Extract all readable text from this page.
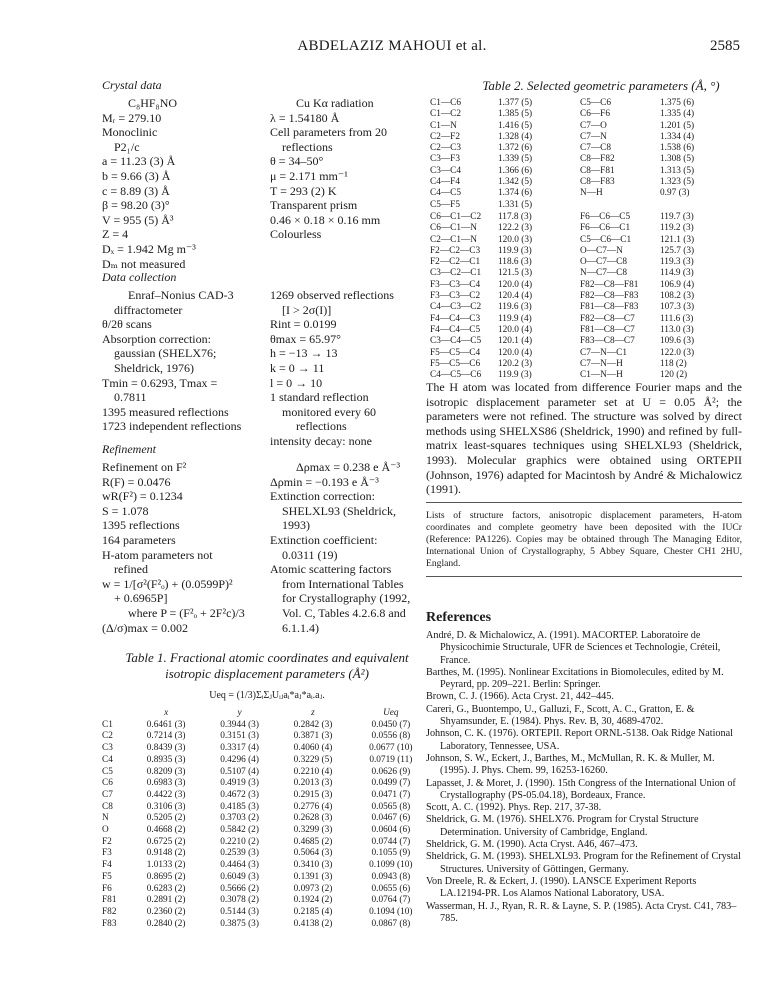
ABDELAZIZ MAHOUI et al.	2585
Crystal data
C₈HF₈NO
Mᵣ = 279.10
Monoclinic
P2₁/c
a = 11.23 (3) Å
b = 9.66 (3) Å
c = 8.89 (3) Å
β = 98.20 (3)°
V = 955 (5) Å³
Z = 4
Dₓ = 1.942 Mg m⁻³
Dₘ not measured
Cu Kα radiation
λ = 1.54180 Å
Cell parameters from 20
reflections
θ = 34–50°
μ = 2.171 mm⁻¹
T = 293 (2) K
Transparent prism
0.46 × 0.18 × 0.16 mm
Colourless
Data collection
Enraf–Nonius CAD-3
diffractometer
θ/2θ scans
Absorption correction:
gaussian (SHELX76;
Sheldrick, 1976)
Tmin = 0.6293, Tmax =
0.7811
1395 measured reflections
1723 independent reflections
1269 observed reflections
[I > 2σ(I)]
Rint = 0.0199
θmax = 65.97°
h = −13 → 13
k = 0 → 11
l = 0 → 10
1 standard reflection
monitored every 60
reflections
intensity decay: none
Refinement
Refinement on F²
R(F) = 0.0476
wR(F²) = 0.1234
S = 1.078
1395 reflections
164 parameters
H-atom parameters not
refined
w = 1/[σ²(F²ₒ) + (0.0599P)²
+ 0.6965P]
where P = (F²ₒ + 2F²c)/3
(Δ/σ)max = 0.002
Δρmax = 0.238 e Å⁻³
Δρmin = −0.193 e Å⁻³
Extinction correction:
SHELXL93 (Sheldrick,
1993)
Extinction coefficient:
0.0311 (19)
Atomic scattering factors
from International Tables
for Crystallography (1992,
Vol. C, Tables 4.2.6.8 and
6.1.1.4)
Table 1. Fractional atomic coordinates and equivalent
isotropic displacement parameters (Å²)
Ueq = (1/3)ΣᵢΣⱼUᵢⱼaᵢ*aⱼ*aᵢ.aⱼ.
	x	y	z	Ueq
C1	0.6461 (3)	0.3944 (3)	0.2842 (3)	0.0450 (7)
C2	0.7214 (3)	0.3151 (3)	0.3871 (3)	0.0556 (8)
C3	0.8439 (3)	0.3317 (4)	0.4060 (4)	0.0677 (10)
C4	0.8935 (3)	0.4296 (4)	0.3229 (5)	0.0719 (11)
C5	0.8209 (3)	0.5107 (4)	0.2210 (4)	0.0626 (9)
C6	0.6983 (3)	0.4919 (3)	0.2013 (3)	0.0499 (7)
C7	0.4422 (3)	0.4672 (3)	0.2915 (3)	0.0471 (7)
C8	0.3106 (3)	0.4185 (3)	0.2776 (4)	0.0565 (8)
N	0.5205 (2)	0.3703 (2)	0.2628 (3)	0.0467 (6)
O	0.4668 (2)	0.5842 (2)	0.3299 (3)	0.0604 (6)
F2	0.6725 (2)	0.2210 (2)	0.4685 (2)	0.0744 (7)
F3	0.9148 (2)	0.2539 (3)	0.5064 (3)	0.1055 (9)
F4	1.0133 (2)	0.4464 (3)	0.3410 (3)	0.1099 (10)
F5	0.8695 (2)	0.6049 (3)	0.1391 (3)	0.0943 (8)
F6	0.6283 (2)	0.5666 (2)	0.0973 (2)	0.0655 (6)
F81	0.2891 (2)	0.3078 (2)	0.1924 (2)	0.0764 (7)
F82	0.2360 (2)	0.5144 (3)	0.2185 (4)	0.1094 (10)
F83	0.2840 (2)	0.3875 (3)	0.4138 (2)	0.0867 (8)
Table 2. Selected geometric parameters (Å, °)
C1—C6	1.377 (5)	C5—C6	1.375 (6)
C1—C2	1.385 (5)	C6—F6	1.335 (4)
C1—N	1.416 (5)	C7—O	1.201 (5)
C2—F2	1.328 (4)	C7—N	1.334 (4)
C2—C3	1.372 (6)	C7—C8	1.538 (6)
C3—F3	1.339 (5)	C8—F82	1.308 (5)
C3—C4	1.366 (6)	C8—F81	1.313 (5)
C4—F4	1.342 (5)	C8—F83	1.323 (5)
C4—C5	1.374 (6)	N—H	0.97 (3)
C5—F5	1.331 (5)		
C6—C1—C2	117.8 (3)	F6—C6—C5	119.7 (3)
C6—C1—N	122.2 (3)	F6—C6—C1	119.2 (3)
C2—C1—N	120.0 (3)	C5—C6—C1	121.1 (3)
F2—C2—C3	119.9 (3)	O—C7—N	125.7 (3)
F2—C2—C1	118.6 (3)	O—C7—C8	119.3 (3)
C3—C2—C1	121.5 (3)	N—C7—C8	114.9 (3)
F3—C3—C4	120.0 (4)	F82—C8—F81	106.9 (4)
F3—C3—C2	120.4 (4)	F82—C8—F83	108.2 (3)
C4—C3—C2	119.6 (3)	F81—C8—F83	107.3 (3)
F4—C4—C3	119.9 (4)	F82—C8—C7	111.6 (3)
F4—C4—C5	120.0 (4)	F81—C8—C7	113.0 (3)
C3—C4—C5	120.1 (4)	F83—C8—C7	109.6 (3)
F5—C5—C4	120.0 (4)	C7—N—C1	122.0 (3)
F5—C5—C6	120.2 (3)	C7—N—H	118 (2)
C4—C5—C6	119.9 (3)	C1—N—H	120 (2)
The H atom was located from difference Fourier maps and the isotropic displacement parameter set at U = 0.05 Å²; the parameters were not refined. The structure was solved by direct methods using SHELXS86 (Sheldrick, 1990) and refined by full-matrix least-squares techniques using SHELXL93 (Sheldrick, 1993). Molecular graphics were obtained using ORTEPII (Johnson, 1976) adapted for Macintosh by André & Michalowicz (1991).
Lists of structure factors, anisotropic displacement parameters, H-atom coordinates and complete geometry have been deposited with the IUCr (Reference: PA1226). Copies may be obtained through The Managing Editor, International Union of Crystallography, 5 Abbey Square, Chester CH1 2HU, England.
References
André, D. & Michalowicz, A. (1991). MACORTEP. Laboratoire de Physicochimie Structurale, UFR de Sciences et Technologie, Créteil, France.
Barthes, M. (1995). Nonlinear Excitations in Biomolecules, edited by M. Peyrard, pp. 209–221. Berlin: Springer.
Brown, C. J. (1966). Acta Cryst. 21, 442–445.
Careri, G., Buontempo, U., Galluzi, F., Scott, A. C., Gratton, E. & Shyamsunder, E. (1984). Phys. Rev. B, 30, 4689-4702.
Johnson, C. K. (1976). ORTEPII. Report ORNL-5138. Oak Ridge National Laboratory, Tennessee, USA.
Johnson, S. W., Eckert, J., Barthes, M., McMullan, R. K. & Muller, M. (1995). J. Phys. Chem. 99, 16253-16260.
Lapasset, J. & Moret, J. (1990). 15th Congress of the International Union of Crystallography (PS-05.04.18), Bordeaux, France.
Scott, A. C. (1992). Phys. Rep. 217, 37-38.
Sheldrick, G. M. (1976). SHELX76. Program for Crystal Structure Determination. University of Cambridge, England.
Sheldrick, G. M. (1990). Acta Cryst. A46, 467–473.
Sheldrick, G. M. (1993). SHELXL93. Program for the Refinement of Crystal Structures. University of Göttingen, Germany.
Von Dreele, R. & Eckert, J. (1990). LANSCE Experiment Reports LA.12194-PR. Los Alamos National Laboratory, USA.
Wasserman, H. J., Ryan, R. R. & Layne, S. P. (1985). Acta Cryst. C41, 783–785.
